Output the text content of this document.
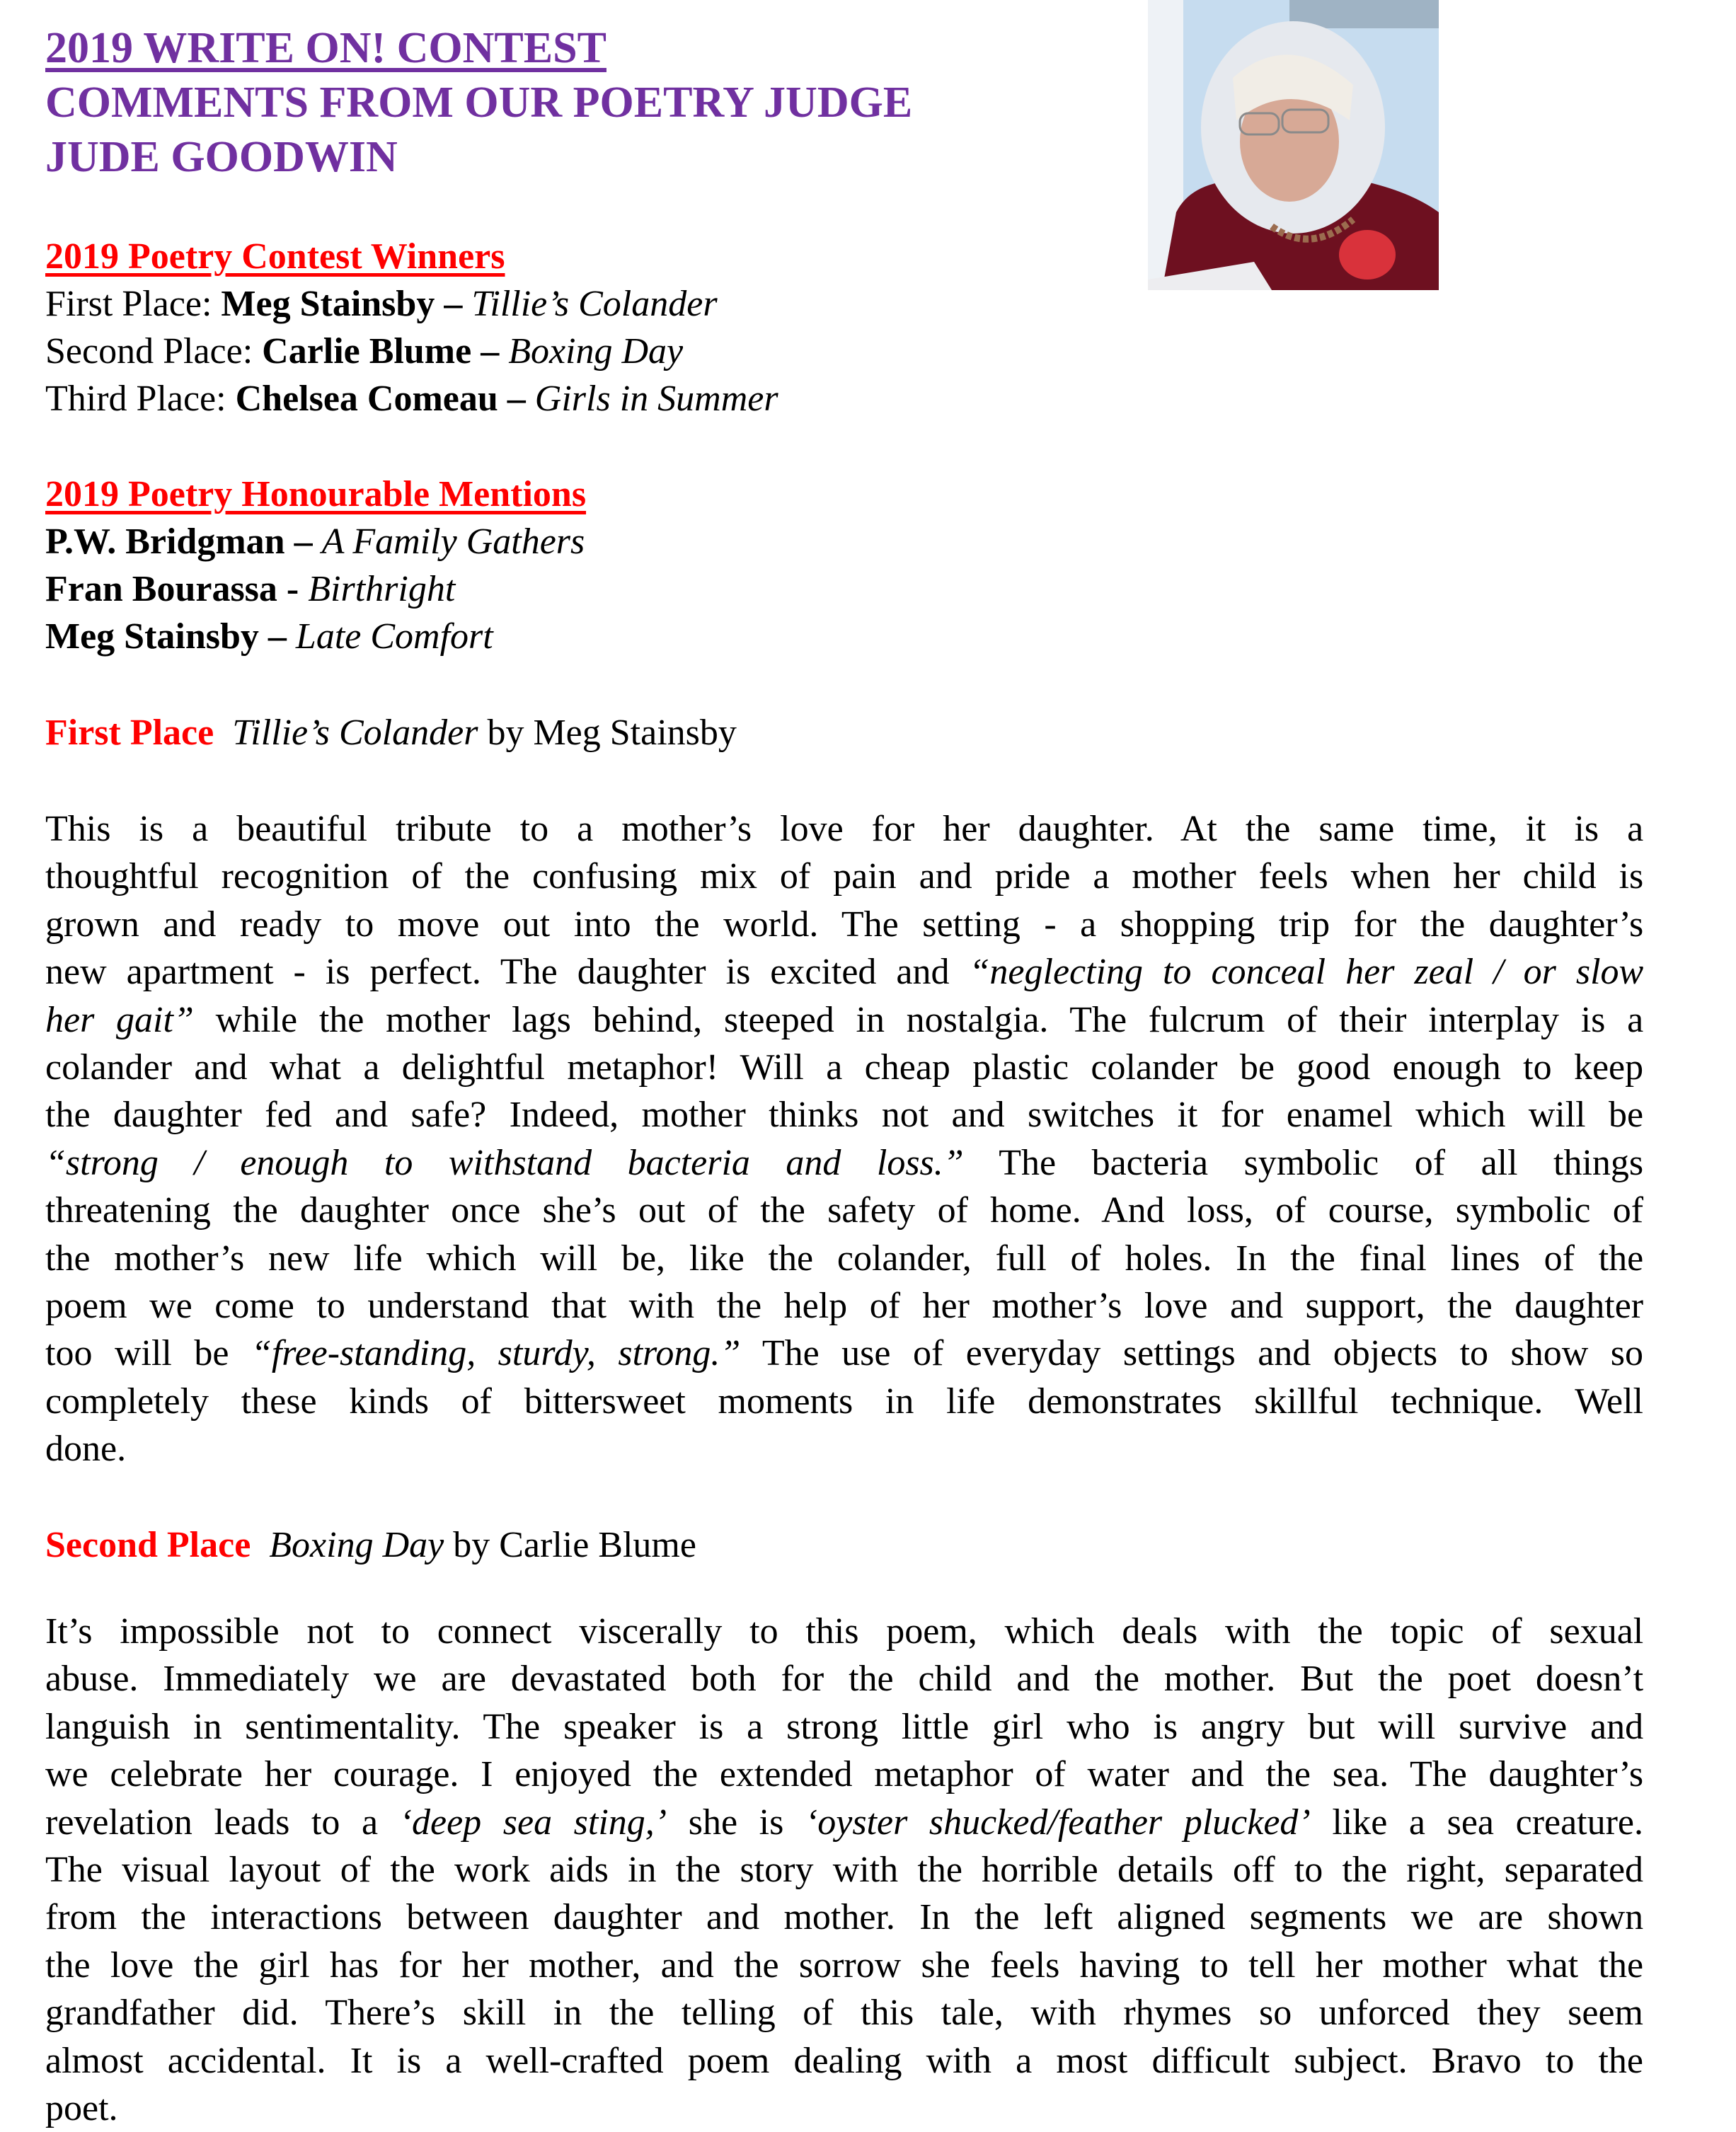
2019 WRITE ON! CONTEST
COMMENTS FROM OUR POETRY JUDGE
JUDE GOODWIN
2019 Poetry Contest Winners
First Place: Meg Stainsby – Tillie’s Colander
Second Place: Carlie Blume – Boxing Day
Third Place: Chelsea Comeau – Girls in Summer
2019 Poetry Honourable Mentions
P.W. Bridgman – A Family Gathers
Fran Bourassa - Birthright
Meg Stainsby – Late Comfort
First Place Tillie’s Colander by Meg Stainsby
This is a beautiful tribute to a mother’s love for her daughter. At the same time, it is a
thoughtful recognition of the confusing mix of pain and pride a mother feels when her child is
grown and ready to move out into the world. The setting - a shopping trip for the daughter’s
new apartment - is perfect. The daughter is excited and “neglecting to conceal her zeal / or slow
her gait” while the mother lags behind, steeped in nostalgia. The fulcrum of their interplay is a
colander and what a delightful metaphor! Will a cheap plastic colander be good enough to keep
the daughter fed and safe? Indeed, mother thinks not and switches it for enamel which will be
“strong / enough to withstand bacteria and loss.” The bacteria symbolic of all things
threatening the daughter once she’s out of the safety of home. And loss, of course, symbolic of
the mother’s new life which will be, like the colander, full of holes. In the final lines of the
poem we come to understand that with the help of her mother’s love and support, the daughter
too will be “free-standing, sturdy, strong.” The use of everyday settings and objects to show so
completely these kinds of bittersweet moments in life demonstrates skillful technique. Well
done.
Second Place Boxing Day by Carlie Blume
It’s impossible not to connect viscerally to this poem, which deals with the topic of sexual
abuse. Immediately we are devastated both for the child and the mother. But the poet doesn’t
languish in sentimentality. The speaker is a strong little girl who is angry but will survive and
we celebrate her courage. I enjoyed the extended metaphor of water and the sea. The daughter’s
revelation leads to a ‘deep sea sting,’ she is ‘oyster shucked/feather plucked’ like a sea creature.
The visual layout of the work aids in the story with the horrible details off to the right, separated
from the interactions between daughter and mother. In the left aligned segments we are shown
the love the girl has for her mother, and the sorrow she feels having to tell her mother what the
grandfather did. There’s skill in the telling of this tale, with rhymes so unforced they seem
almost accidental. It is a well-crafted poem dealing with a most difficult subject. Bravo to the
poet.
